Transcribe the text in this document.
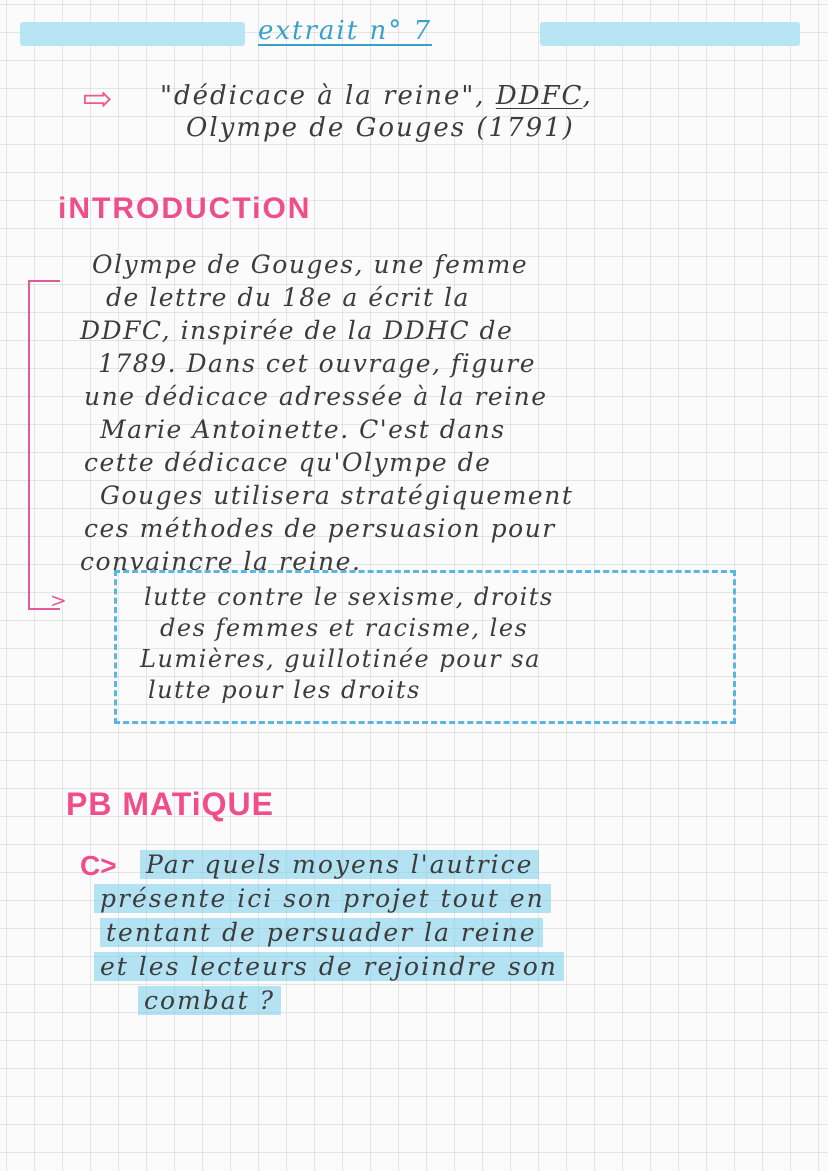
extrait n° 7
⇨ "dédicace à la reine", DDFC,
Olympe de Gouges (1791)
iNTRODUCTiON
>
Olympe de Gouges, une femme
de lettre du 18e a écrit la
DDFC, inspirée de la DDHC de
1789. Dans cet ouvrage, figure
une dédicace adressée à la reine
Marie Antoinette. C'est dans
cette dédicace qu'Olympe de
Gouges utilisera stratégiquement
ces méthodes de persuasion pour
convaincre la reine.
lutte contre le sexisme, droits
des femmes et racisme, les
Lumières, guillotinée pour sa
lutte pour les droits
PB MATiQUE
C>	Par quels moyens l'autrice
présente ici son projet tout en
tentant de persuader la reine
et les lecteurs de rejoindre son
combat ?
